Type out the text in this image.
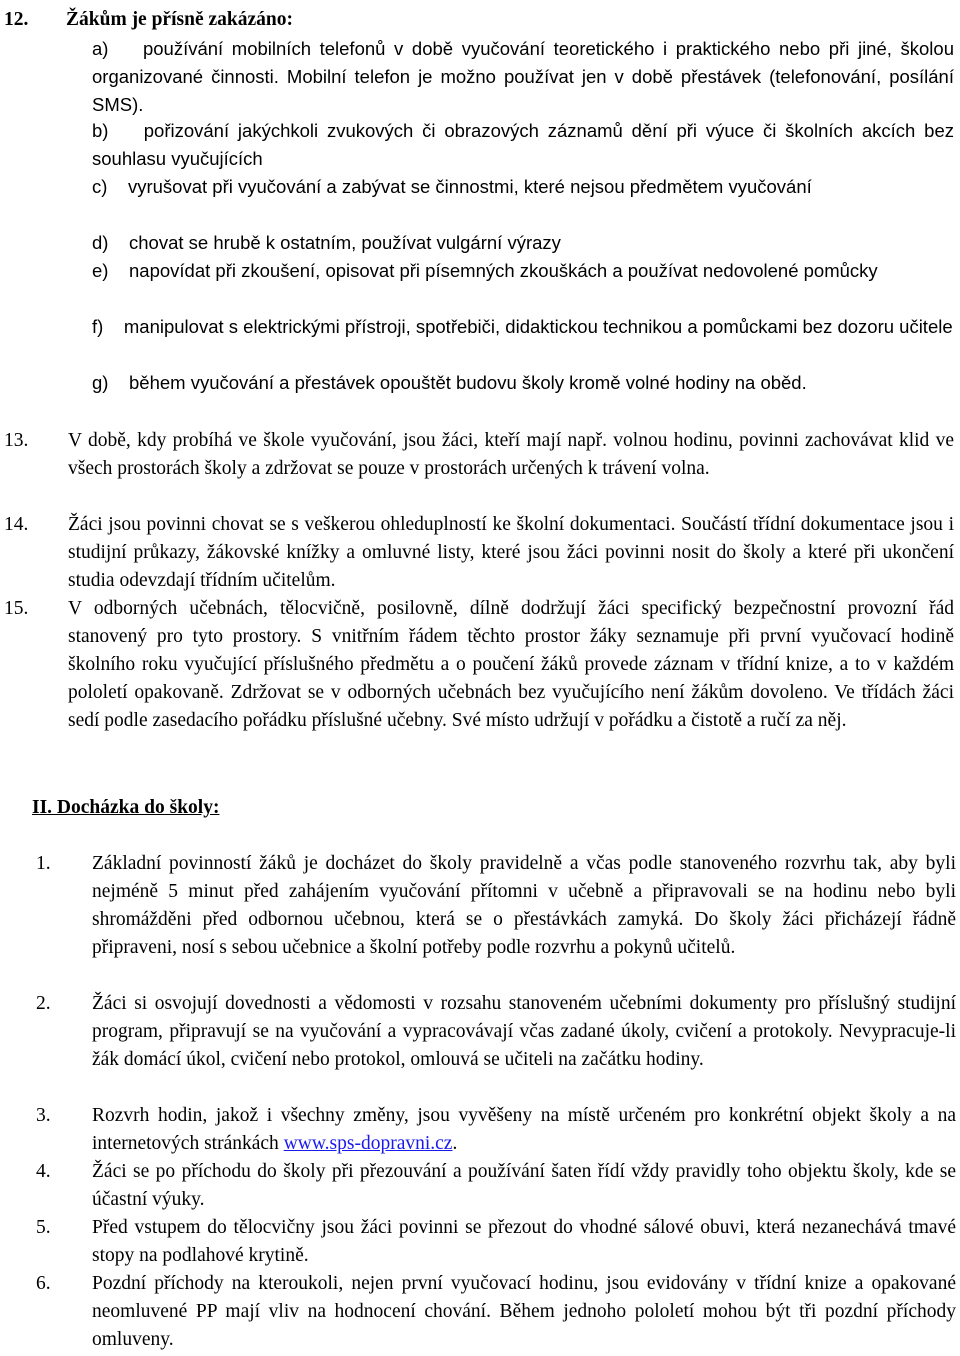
12. Žákům je přísně zakázáno:
a) používání mobilních telefonů v době vyučování teoretického i praktického nebo při jiné, školou organizované činnosti. Mobilní telefon je možno používat jen v době přestávek (telefonování, posílání SMS).
b) pořizování jakýchkoli zvukových či obrazových záznamů dění při výuce či školních akcích bez souhlasu vyučujících
c) vyrušovat při vyučování a zabývat se činnostmi, které nejsou předmětem vyučování
d) chovat se hrubě k ostatním, používat vulgární výrazy
e) napovídat při zkoušení, opisovat při písemných zkouškách a používat nedovolené pomůcky
f) manipulovat s elektrickými přístroji, spotřebiči, didaktickou technikou a pomůckami bez dozoru učitele
g) během vyučování a přestávek opouštět budovu školy kromě volné hodiny na oběd.
13. V době, kdy probíhá ve škole vyučování, jsou žáci, kteří mají např. volnou hodinu, povinni zachovávat klid ve všech prostorách školy a zdržovat se pouze v prostorách určených k trávení volna.
14. Žáci jsou povinni chovat se s veškerou ohleduplností ke školní dokumentaci. Součástí třídní dokumentace jsou i studijní průkazy, žákovské knížky a omluvné listy, které jsou žáci povinni nosit do školy a které při ukončení studia odevzdají třídním učitelům.
15. V odborných učebnách, tělocvičně, posilovně, dílně dodržují žáci specifický bezpečnostní provozní řád stanovený pro tyto prostory. S vnitřním řádem těchto prostor žáky seznamuje při první vyučovací hodině školního roku vyučující příslušného předmětu a o poučení žáků provede záznam v třídní knize, a to v každém pololetí opakovaně. Zdržovat se v odborných učebnách bez vyučujícího není žákům dovoleno. Ve třídách žáci sedí podle zasedacího pořádku příslušné učebny. Své místo udržují v pořádku a čistotě a ručí za něj.
II. Docházka do školy:
1. Základní povinností žáků je docházet do školy pravidelně a včas podle stanoveného rozvrhu tak, aby byli nejméně 5 minut před zahájením vyučování přítomni v učebně a připravovali se na hodinu nebo byli shromážděni před odbornou učebnou, která se o přestávkách zamyká. Do školy žáci přicházejí řádně připraveni, nosí s sebou učebnice a školní potřeby podle rozvrhu a pokynů učitelů.
2. Žáci si osvojují dovednosti a vědomosti v rozsahu stanoveném učebními dokumenty pro příslušný studijní program, připravují se na vyučování a vypracovávají včas zadané úkoly, cvičení a protokoly. Nevypracuje-li žák domácí úkol, cvičení nebo protokol, omlouvá se učiteli na začátku hodiny.
3. Rozvrh hodin, jakož i všechny změny, jsou vyvěšeny na místě určeném pro konkrétní objekt školy a na internetových stránkách www.sps-dopravni.cz.
4. Žáci se po příchodu do školy při přezouvání a používání šaten řídí vždy pravidly toho objektu školy, kde se účastní výuky.
5. Před vstupem do tělocvičny jsou žáci povinni se přezout do vhodné sálové obuvi, která nezanechává tmavé stopy na podlahové krytině.
6. Pozdní příchody na kteroukoli, nejen první vyučovací hodinu, jsou evidovány v třídní knize a opakované neomluvené PP mají vliv na hodnocení chování. Během jednoho pololetí mohou být tři pozdní příchody omluveny.
